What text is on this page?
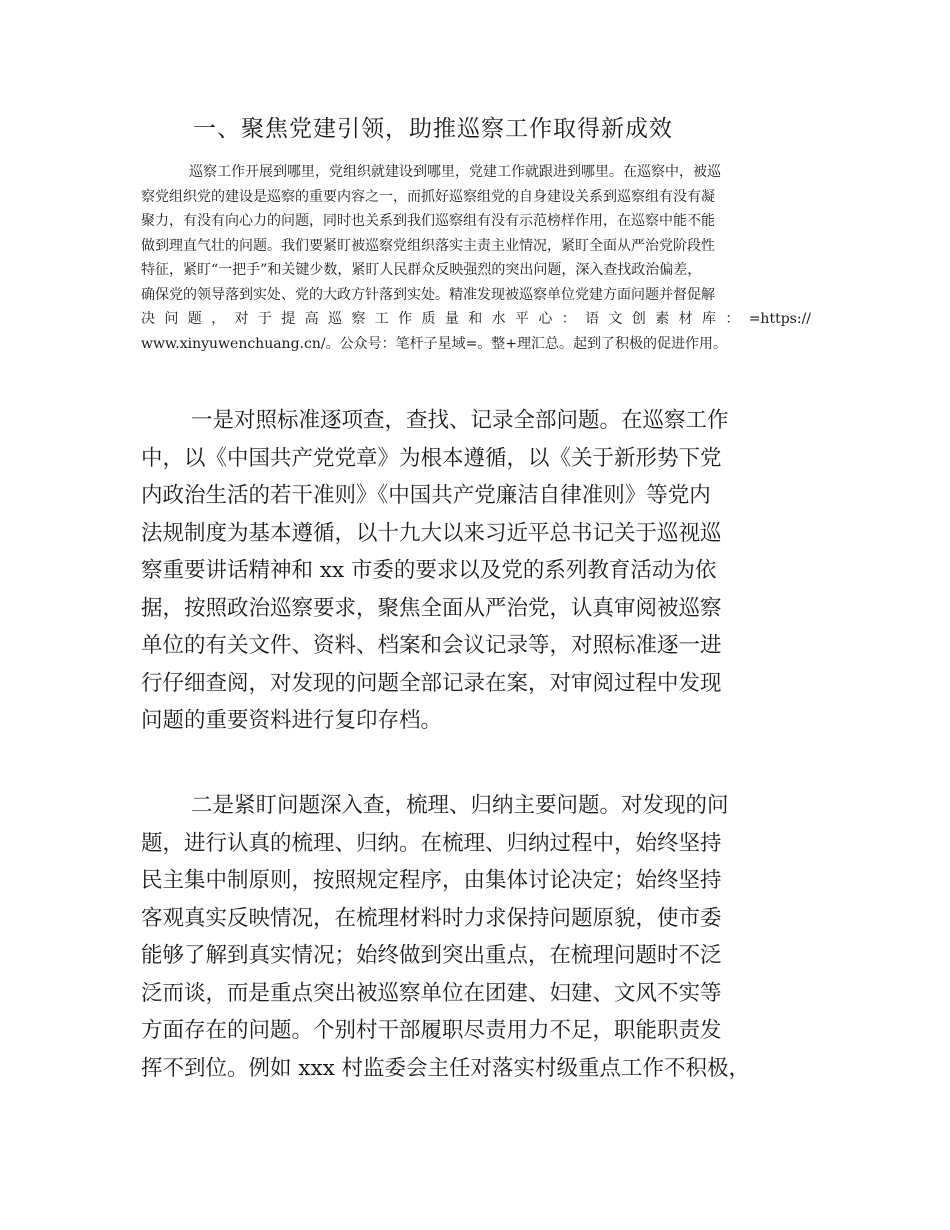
一、聚焦党建引领，助推巡察工作取得新成效
巡察工作开展到哪里，党组织就建设到哪里，党建工作就跟进到哪里。在巡察中，被巡
察党组织党的建设是巡察的重要内容之一，而抓好巡察组党的自身建设关系到巡察组有没有凝
聚力，有没有向心力的问题，同时也关系到我们巡察组有没有示范榜样作用，在巡察中能不能
做到理直气壮的问题。我们要紧盯被巡察党组织落实主责主业情况，紧盯全面从严治党阶段性
特征，紧盯“一把手”和关键少数，紧盯人民群众反映强烈的突出问题，深入查找政治偏差，
确保党的领导落到实处、党的大政方针落到实处。精准发现被巡察单位党建方面问题并督促解
决问题，对于提高巡察工作质量和水平心：语文创素材库：=https://
www.xinyuwenchuang.cn/。公众号：笔杆子星域=。整+理汇总。起到了积极的促进作用。
一是对照标准逐项查，查找、记录全部问题。在巡察工作
中，以《中国共产党党章》为根本遵循，以《关于新形势下党
内政治生活的若干准则》《中国共产党廉洁自律准则》等党内
法规制度为基本遵循，以十九大以来习近平总书记关于巡视巡
察重要讲话精神和 xx 市委的要求以及党的系列教育活动为依
据，按照政治巡察要求，聚焦全面从严治党，认真审阅被巡察
单位的有关文件、资料、档案和会议记录等，对照标准逐一进
行仔细查阅，对发现的问题全部记录在案，对审阅过程中发现
问题的重要资料进行复印存档。
二是紧盯问题深入查，梳理、归纳主要问题。对发现的问
题，进行认真的梳理、归纳。在梳理、归纳过程中，始终坚持
民主集中制原则，按照规定程序，由集体讨论决定；始终坚持
客观真实反映情况，在梳理材料时力求保持问题原貌，使市委
能够了解到真实情况；始终做到突出重点，在梳理问题时不泛
泛而谈，而是重点突出被巡察单位在团建、妇建、文风不实等
方面存在的问题。个别村干部履职尽责用力不足，职能职责发
挥不到位。例如 xxx 村监委会主任对落实村级重点工作不积极，
